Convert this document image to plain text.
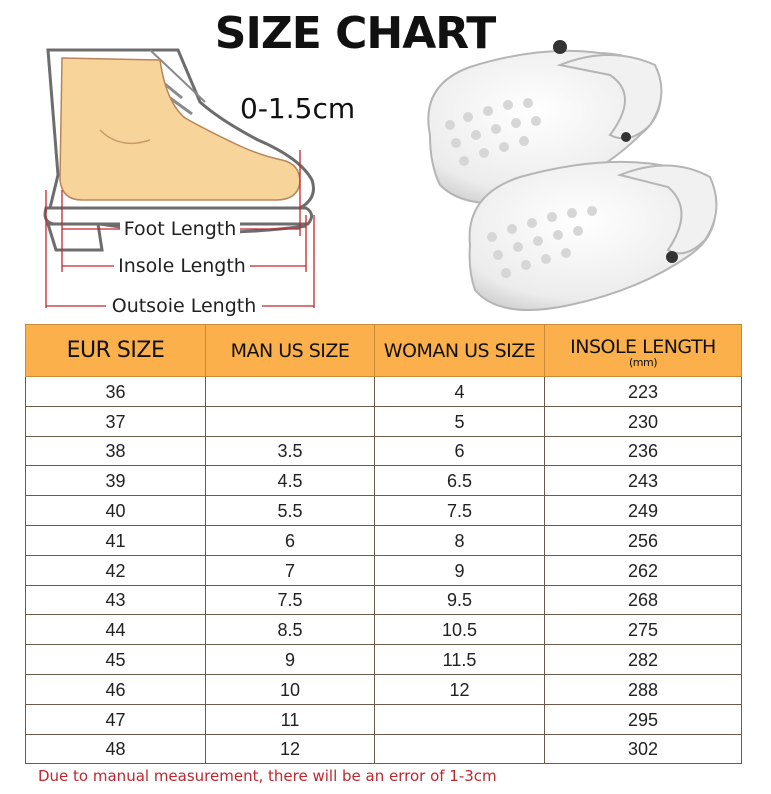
SIZE CHART
0-1.5cm
Foot Length
Insole Length
Outsoie Length
EUR SIZE	MAN US SIZE	WOMAN US SIZE	INSOLE LENGTH
(mm)

36		4	223
37		5	230
38	3.5	6	236
39	4.5	6.5	243
40	5.5	7.5	249
41	6	8	256
42	7	9	262
43	7.5	9.5	268
44	8.5	10.5	275
45	9	11.5	282
46	10	12	288
47	11		295
48	12		302
Due to manual measurement, there will be an error of 1-3cm
